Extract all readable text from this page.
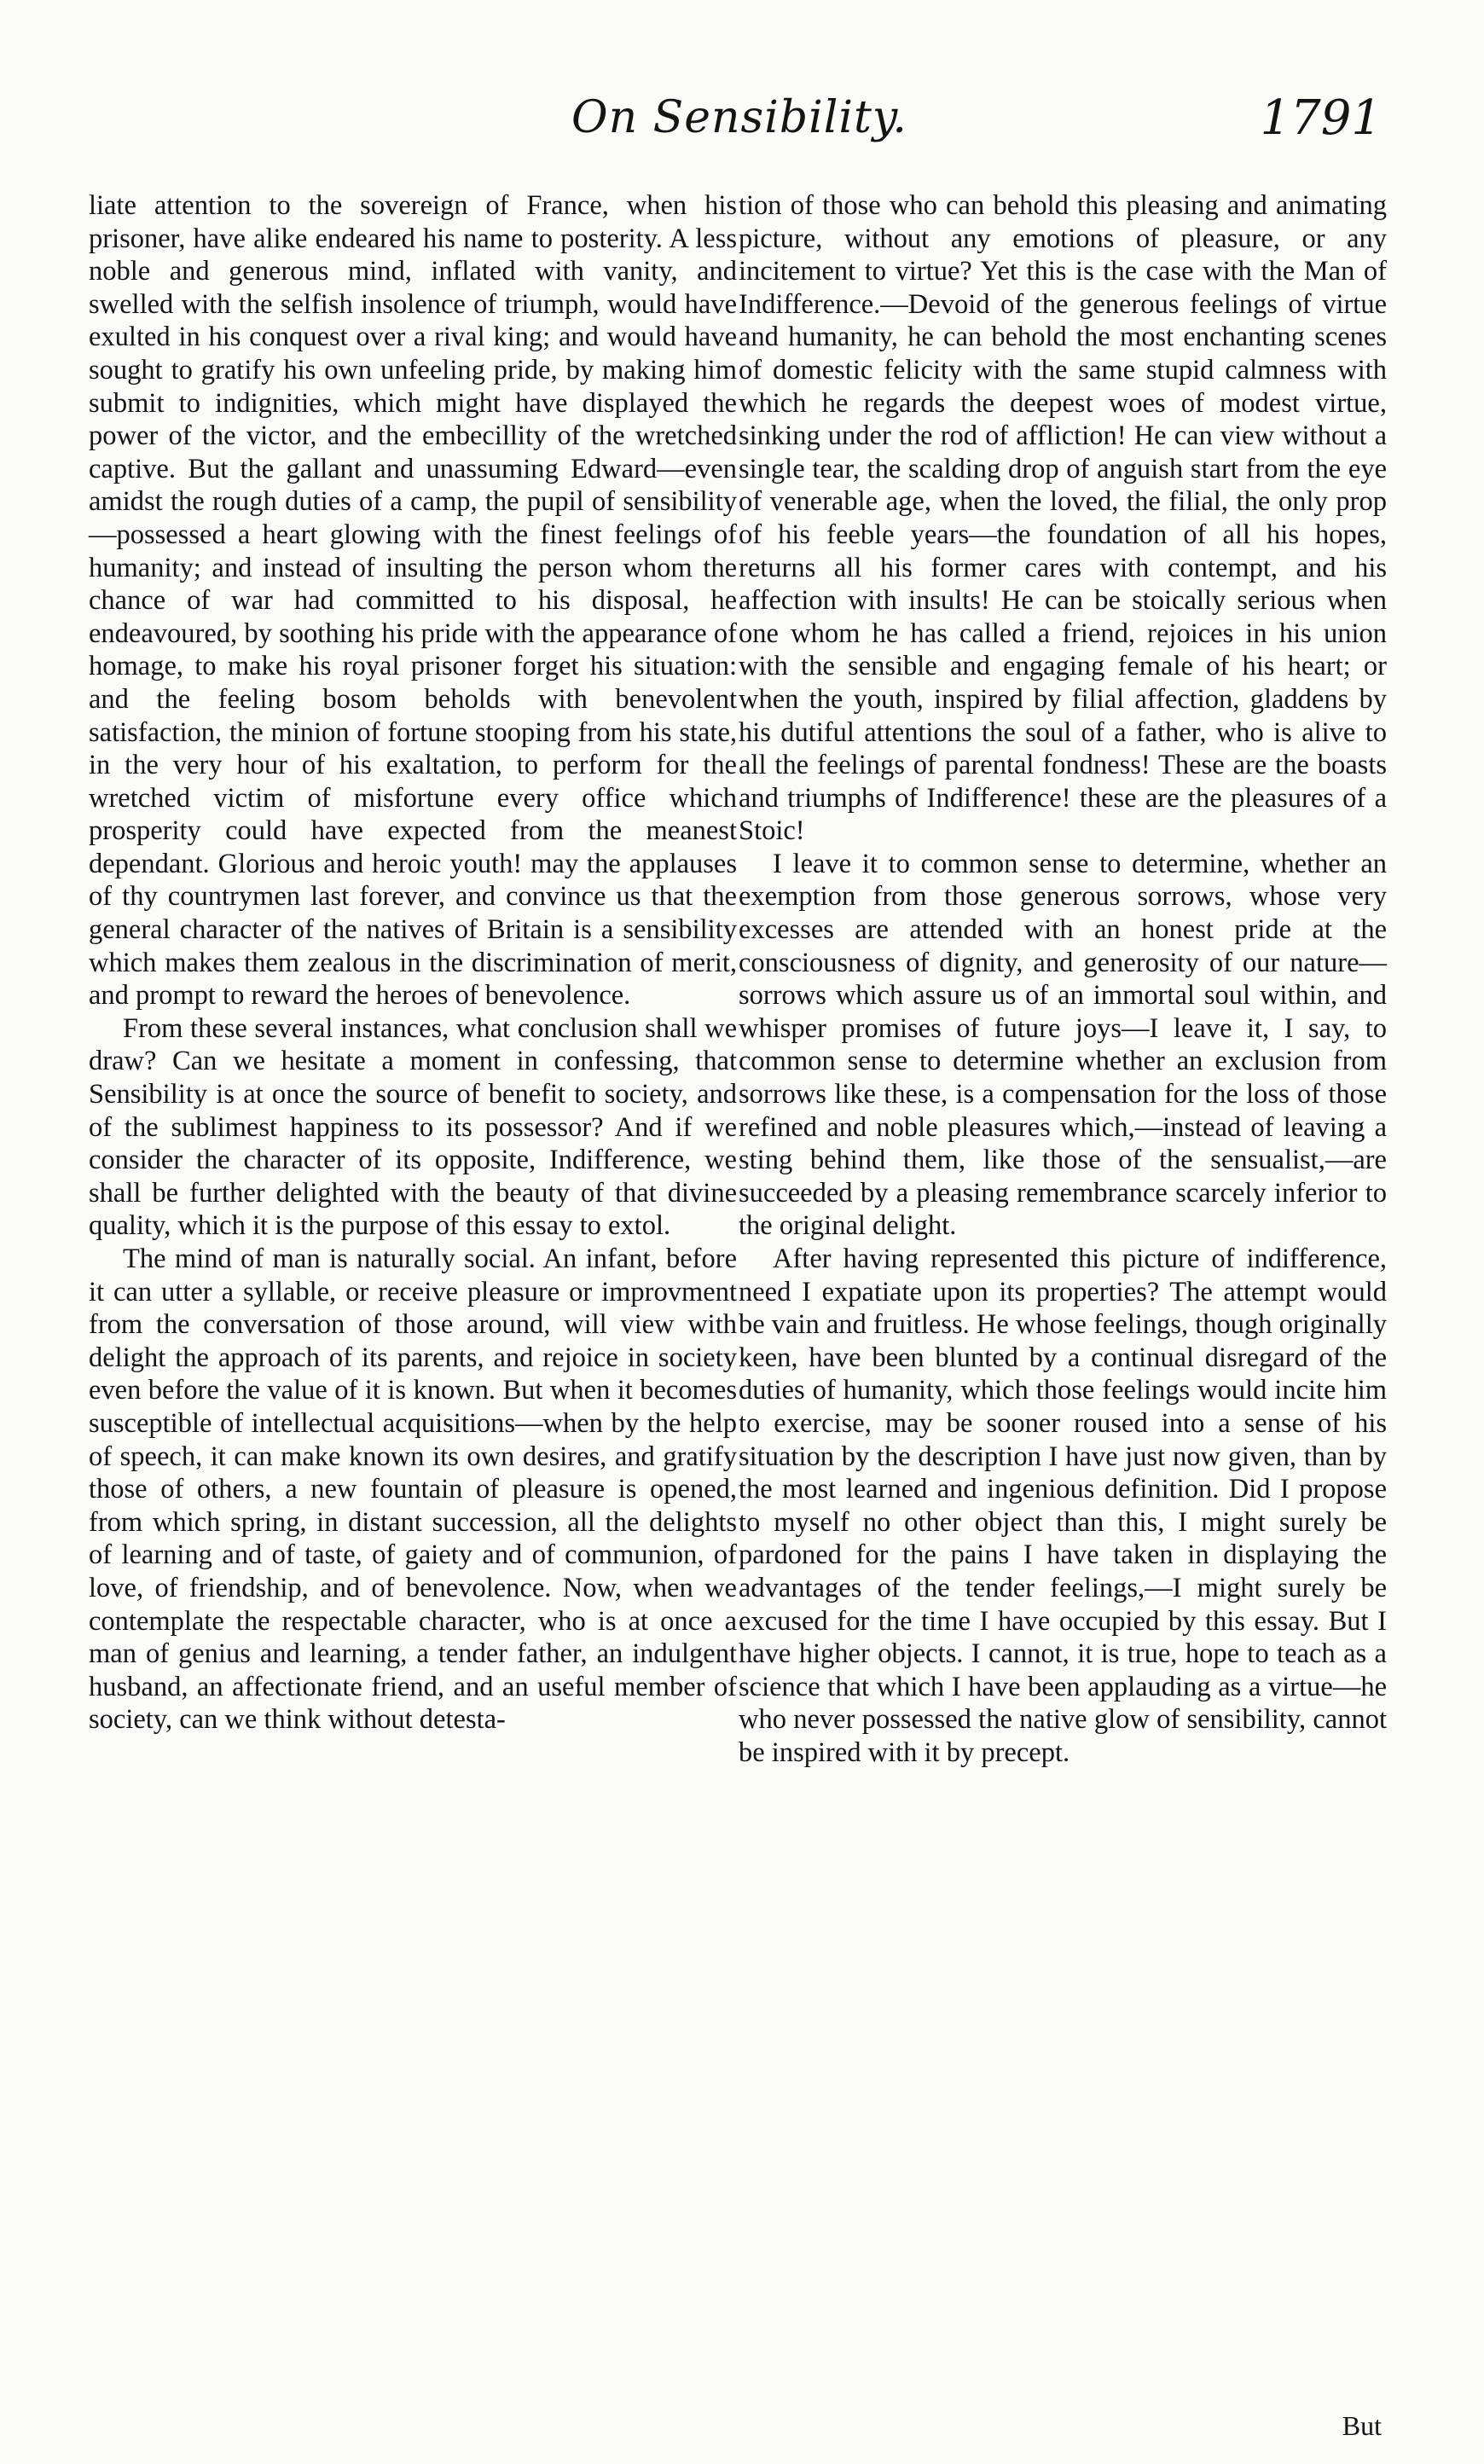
On Sensibility.	1791

liate attention to the sovereign of France, when his prisoner, have alike endeared his name to posterity. A less noble and generous mind, inflated with vanity, and swelled with the selfish insolence of triumph, would have exulted in his conquest over a rival king; and would have sought to gratify his own unfeeling pride, by making him submit to indignities, which might have displayed the power of the victor, and the embecillity of the wretched captive. But the gallant and unassuming Edward—even amidst the rough duties of a camp, the pupil of sensibility—possessed a heart glowing with the finest feelings of humanity; and instead of insulting the person whom the chance of war had committed to his disposal, he endeavoured, by soothing his pride with the appearance of homage, to make his royal prisoner forget his situation: and the feeling bosom beholds with benevolent satisfaction, the minion of fortune stooping from his state, in the very hour of his exaltation, to perform for the wretched victim of misfortune every office which prosperity could have expected from the meanest dependant. Glorious and heroic youth! may the applauses of thy countrymen last forever, and convince us that the general character of the natives of Britain is a sensibility which makes them zealous in the discrimination of merit, and prompt to reward the heroes of benevolence.

From these several instances, what conclusion shall we draw? Can we hesitate a moment in confessing, that Sensibility is at once the source of benefit to society, and of the sublimest happiness to its possessor? And if we consider the character of its opposite, Indifference, we shall be further delighted with the beauty of that divine quality, which it is the purpose of this essay to extol.

The mind of man is naturally social. An infant, before it can utter a syllable, or receive pleasure or improvment from the conversation of those around, will view with delight the approach of its parents, and rejoice in society even before the value of it is known. But when it becomes susceptible of intellectual acquisitions—when by the help of speech, it can make known its own desires, and gratify those of others, a new fountain of pleasure is opened, from which spring, in distant succession, all the delights of learning and of taste, of gaiety and of communion, of love, of friendship, and of benevolence. Now, when we contemplate the respectable character, who is at once a man of genius and learning, a tender father, an indulgent husband, an affectionate friend, and an useful member of society, can we think without detesta-

tion of those who can behold this pleasing and animating picture, without any emotions of pleasure, or any incitement to virtue? Yet this is the case with the Man of Indifference.—Devoid of the generous feelings of virtue and humanity, he can behold the most enchanting scenes of domestic felicity with the same stupid calmness with which he regards the deepest woes of modest virtue, sinking under the rod of affliction! He can view without a single tear, the scalding drop of anguish start from the eye of venerable age, when the loved, the filial, the only prop of his feeble years—the foundation of all his hopes, returns all his former cares with contempt, and his affection with insults! He can be stoically serious when one whom he has called a friend, rejoices in his union with the sensible and engaging female of his heart; or when the youth, inspired by filial affection, gladdens by his dutiful attentions the soul of a father, who is alive to all the feelings of parental fondness! These are the boasts and triumphs of Indifference! these are the pleasures of a Stoic!

I leave it to common sense to determine, whether an exemption from those generous sorrows, whose very excesses are attended with an honest pride at the consciousness of dignity, and generosity of our nature—sorrows which assure us of an immortal soul within, and whisper promises of future joys—I leave it, I say, to common sense to determine whether an exclusion from sorrows like these, is a compensation for the loss of those refined and noble pleasures which,—instead of leaving a sting behind them, like those of the sensualist,—are succeeded by a pleasing remembrance scarcely inferior to the original delight.

After having represented this picture of indifference, need I expatiate upon its properties? The attempt would be vain and fruitless. He whose feelings, though originally keen, have been blunted by a continual disregard of the duties of humanity, which those feelings would incite him to exercise, may be sooner roused into a sense of his situation by the description I have just now given, than by the most learned and ingenious definition. Did I propose to myself no other object than this, I might surely be pardoned for the pains I have taken in displaying the advantages of the tender feelings,—I might surely be excused for the time I have occupied by this essay. But I have higher objects. I cannot, it is true, hope to teach as a science that which I have been applauding as a virtue—he who never possessed the native glow of sensibility, cannot be inspired with it by precept.

But
